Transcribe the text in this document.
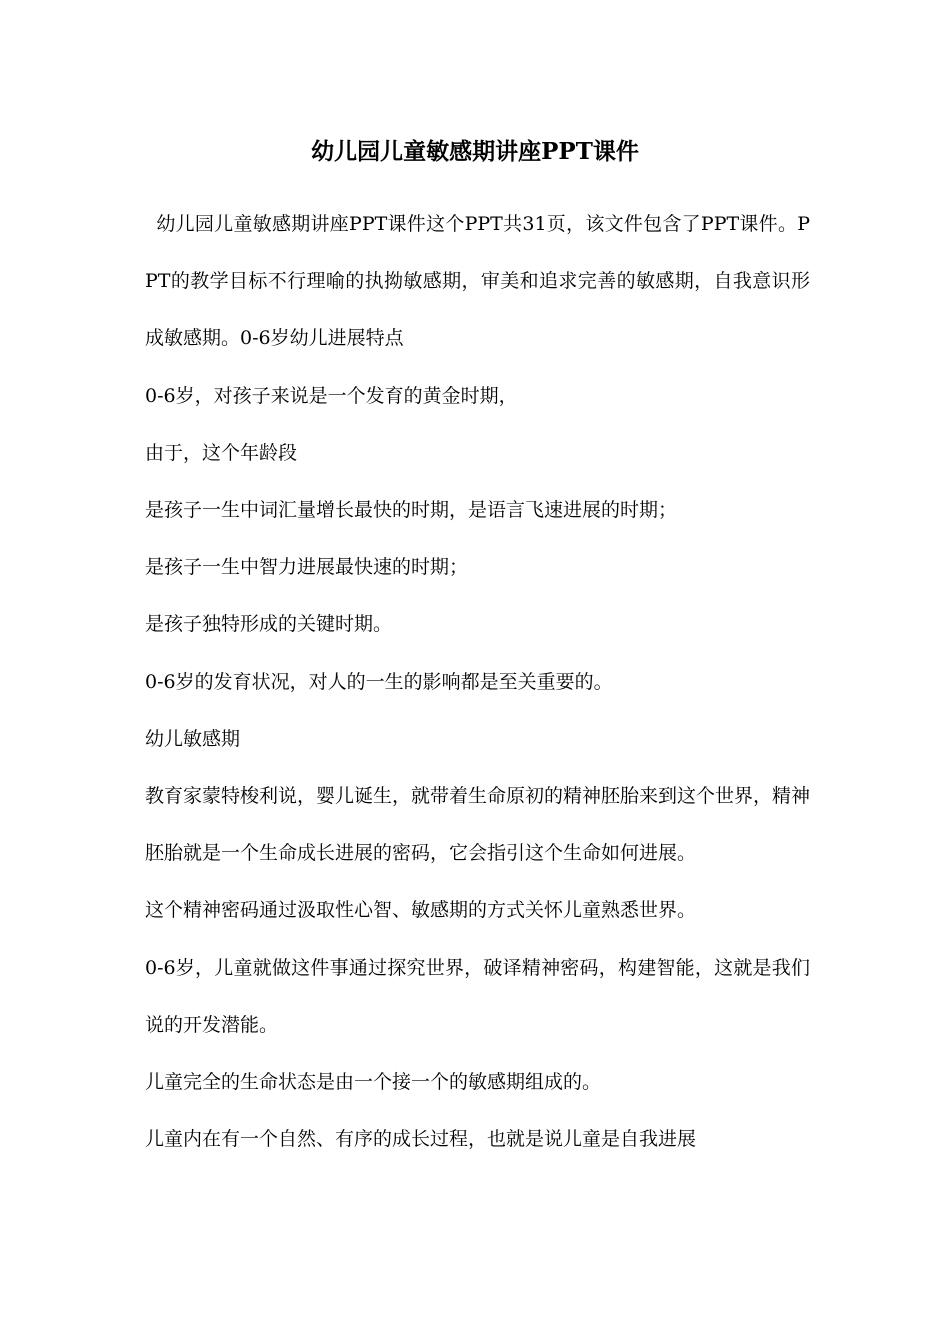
幼儿园儿童敏感期讲座PPT课件

幼儿园儿童敏感期讲座PPT课件这个PPT共31页，该文件包含了PPT课件。PPT的教学目标不行理喻的执拗敏感期，审美和追求完善的敏感期，自我意识形成敏感期。0-6岁幼儿进展特点

0-6岁，对孩子来说是一个发育的黄金时期，

由于，这个年龄段

是孩子一生中词汇量增长最快的时期，是语言飞速进展的时期；

是孩子一生中智力进展最快速的时期；

是孩子独特形成的关键时期。

0-6岁的发育状况，对人的一生的影响都是至关重要的。

幼儿敏感期

教育家蒙特梭利说，婴儿诞生，就带着生命原初的精神胚胎来到这个世界，精神胚胎就是一个生命成长进展的密码，它会指引这个生命如何进展。

这个精神密码通过汲取性心智、敏感期的方式关怀儿童熟悉世界。

0-6岁，儿童就做这件事通过探究世界，破译精神密码，构建智能，这就是我们说的开发潜能。

儿童完全的生命状态是由一个接一个的敏感期组成的。

儿童内在有一个自然、有序的成长过程，也就是说儿童是自我进展
